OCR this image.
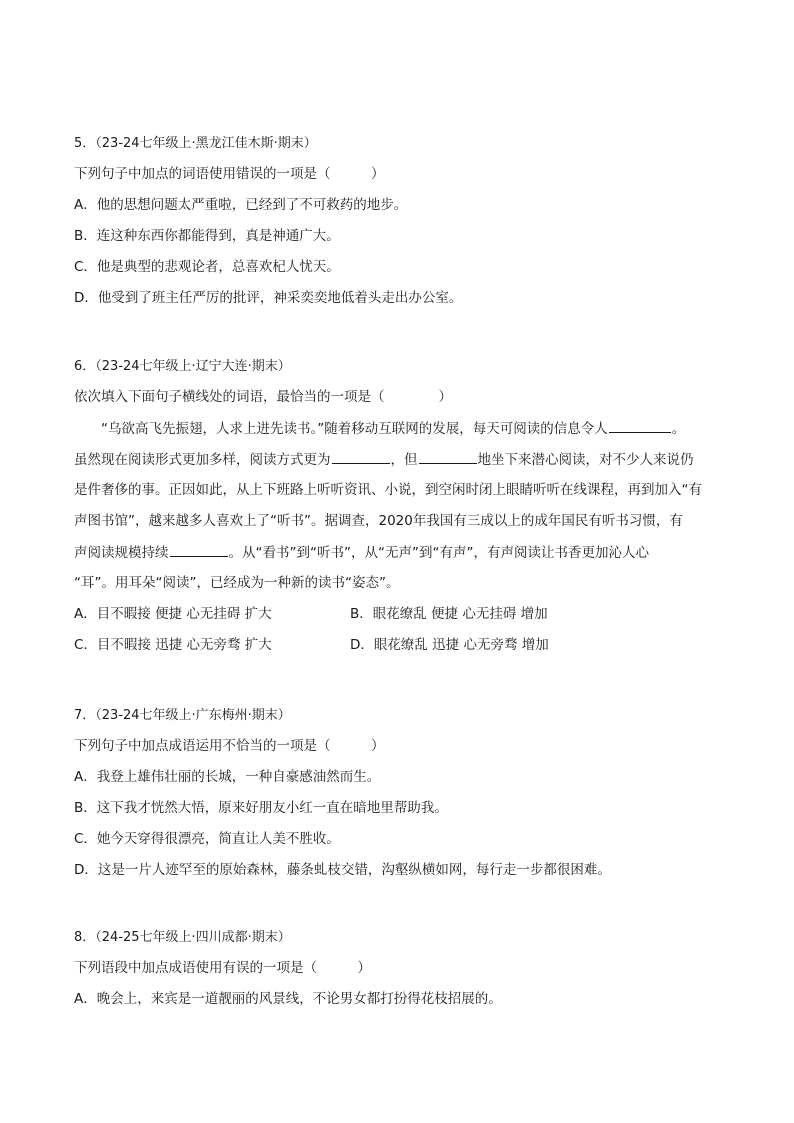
5．（23-24七年级上·黑龙江佳木斯·期末）
下列句子中加点的词语使用错误的一项是（　　　）
A．他的思想问题太严重啦，已经到了不可救药的地步。
B．连这种东西你都能得到，真是神通广大。
C．他是典型的悲观论者，总喜欢杞人忧天。
D．他受到了班主任严厉的批评，神采奕奕地低着头走出办公室。
6．（23-24七年级上·辽宁大连·期末）
依次填入下面句子横线处的词语，最恰当的一项是（　　　　）
“乌欲高飞先振翅，人求上进先读书。”随着移动互联网的发展，每天可阅读的信息令人	。
虽然现在阅读形式更加多样，阅读方式更为	，但	地坐下来潜心阅读，对不少人来说仍
是件奢侈的事。正因如此，从上下班路上听听资讯、小说，到空闲时闭上眼睛听听在线课程，再到加入“有
声图书馆”，越来越多人喜欢上了“听书”。据调查，2020年我国有三成以上的成年国民有听书习惯，有
声阅读规模持续	。从“看书”到“听书”，从“无声”到“有声”，有声阅读让书香更加沁人心
“耳”。用耳朵“阅读”，已经成为一种新的读书“姿态”。
A．目不暇接 便捷 心无挂碍 扩大	B．眼花缭乱 便捷 心无挂碍 增加
C．目不暇接 迅捷 心无旁骛 扩大	D．眼花缭乱 迅捷 心无旁骛 增加
7．（23-24七年级上·广东梅州·期末）
下列句子中加点成语运用不恰当的一项是（　　　）
A．我登上雄伟壮丽的长城，一种自豪感油然而生。
B．这下我才恍然大悟，原来好朋友小红一直在暗地里帮助我。
C．她今天穿得很漂亮，简直让人美不胜收。
D．这是一片人迹罕至的原始森林，藤条虬枝交错，沟壑纵横如网，每行走一步都很困难。
8．（24-25七年级上·四川成都·期末）
下列语段中加点成语使用有误的一项是（　　　）
A．晚会上，来宾是一道靓丽的风景线，不论男女都打扮得花枝招展的。
